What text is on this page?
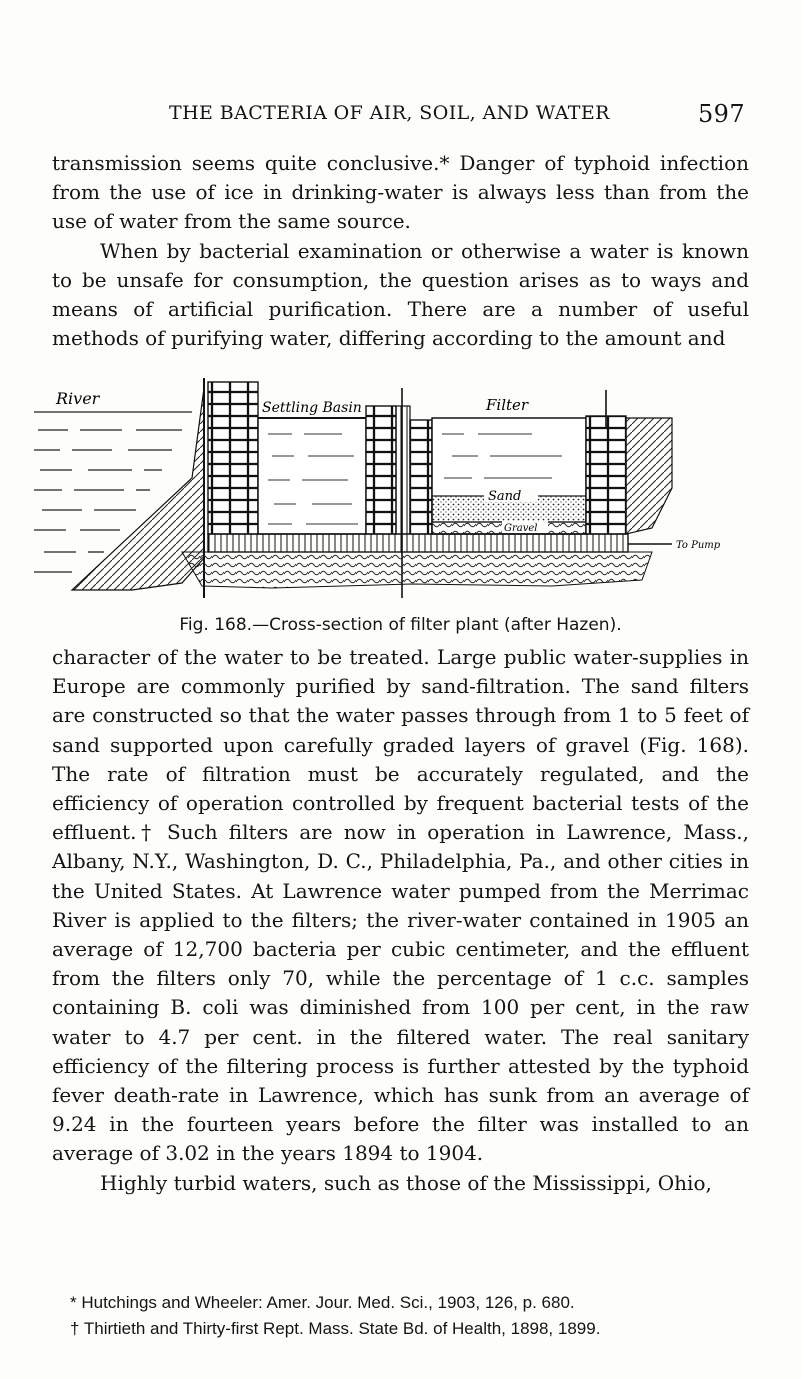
THE BACTERIA OF AIR, SOIL, AND WATER	597

transmission seems quite conclusive.* Danger of typhoid infection from the use of ice in drinking-water is always less than from the use of water from the same source.

When by bacterial examination or otherwise a water is known to be unsafe for consumption, the question arises as to ways and means of artificial purification. There are a number of useful methods of purifying water, differing according to the amount and

River	Settling Basin	Filter
Sand
Gravel
To Pump
Fig. 168.—Cross-section of filter plant (after Hazen).

character of the water to be treated. Large public water-supplies in Europe are commonly purified by sand-filtration. The sand filters are constructed so that the water passes through from 1 to 5 feet of sand supported upon carefully graded layers of gravel (Fig. 168). The rate of filtration must be accurately regulated, and the efficiency of operation controlled by frequent bacterial tests of the effluent.† Such filters are now in operation in Lawrence, Mass., Albany, N.Y., Washington, D. C., Philadelphia, Pa., and other cities in the United States. At Lawrence water pumped from the Merrimac River is applied to the filters; the river-water contained in 1905 an average of 12,700 bacteria per cubic centimeter, and the effluent from the filters only 70, while the percentage of 1 c.c. samples containing B. coli was diminished from 100 per cent, in the raw water to 4.7 per cent. in the filtered water. The real sanitary efficiency of the filtering process is further attested by the typhoid fever death-rate in Lawrence, which has sunk from an average of 9.24 in the fourteen years before the filter was installed to an average of 3.02 in the years 1894 to 1904.

Highly turbid waters, such as those of the Mississippi, Ohio,

* Hutchings and Wheeler: Amer. Jour. Med. Sci., 1903, 126, p. 680.
† Thirtieth and Thirty-first Rept. Mass. State Bd. of Health, 1898, 1899.
